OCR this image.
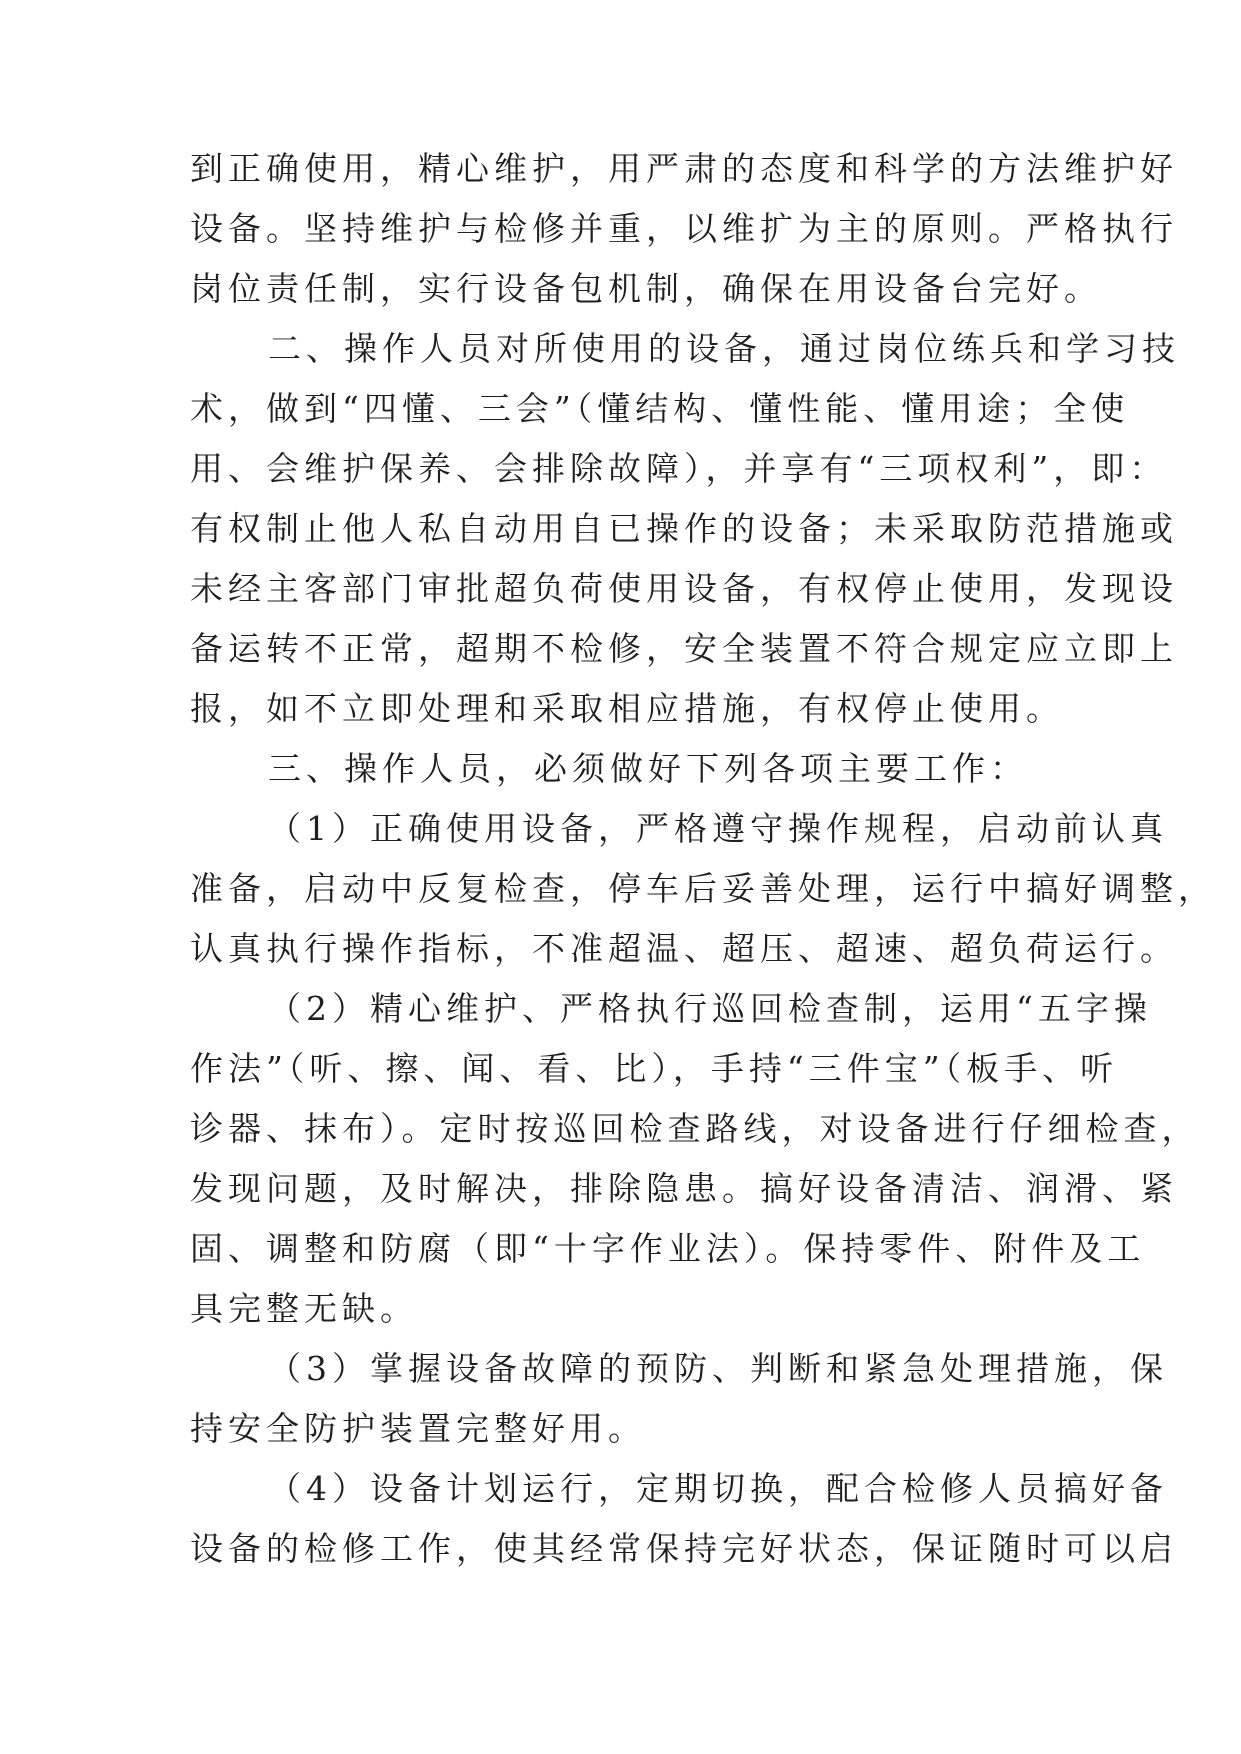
到正确使用，精心维护，用严肃的态度和科学的方法维护好
设备。坚持维护与检修并重，以维扩为主的原则。严格执行
岗位责任制，实行设备包机制，确保在用设备台完好。
二、操作人员对所使用的设备，通过岗位练兵和学习技
术，做到“四懂、三会”（懂结构、懂性能、懂用途；全使
用、会维护保养、会排除故障），并享有“三项权利”，即：
有权制止他人私自动用自已操作的设备；未采取防范措施或
未经主客部门审批超负荷使用设备，有权停止使用，发现设
备运转不正常，超期不检修，安全装置不符合规定应立即上
报，如不立即处理和采取相应措施，有权停止使用。
三、操作人员，必须做好下列各项主要工作：
（1）正确使用设备，严格遵守操作规程，启动前认真
准备，启动中反复检查，停车后妥善处理，运行中搞好调整，
认真执行操作指标，不准超温、超压、超速、超负荷运行。
（2）精心维护、严格执行巡回检查制，运用“五字操
作法”（听、擦、闻、看、比），手持“三件宝”（板手、听
诊器、抹布）。定时按巡回检查路线，对设备进行仔细检查，
发现问题，及时解决，排除隐患。搞好设备清洁、润滑、紧
固、调整和防腐（即“十字作业法）。保持零件、附件及工
具完整无缺。
（3）掌握设备故障的预防、判断和紧急处理措施，保
持安全防护装置完整好用。
（4）设备计划运行，定期切换，配合检修人员搞好备
设备的检修工作，使其经常保持完好状态，保证随时可以启
